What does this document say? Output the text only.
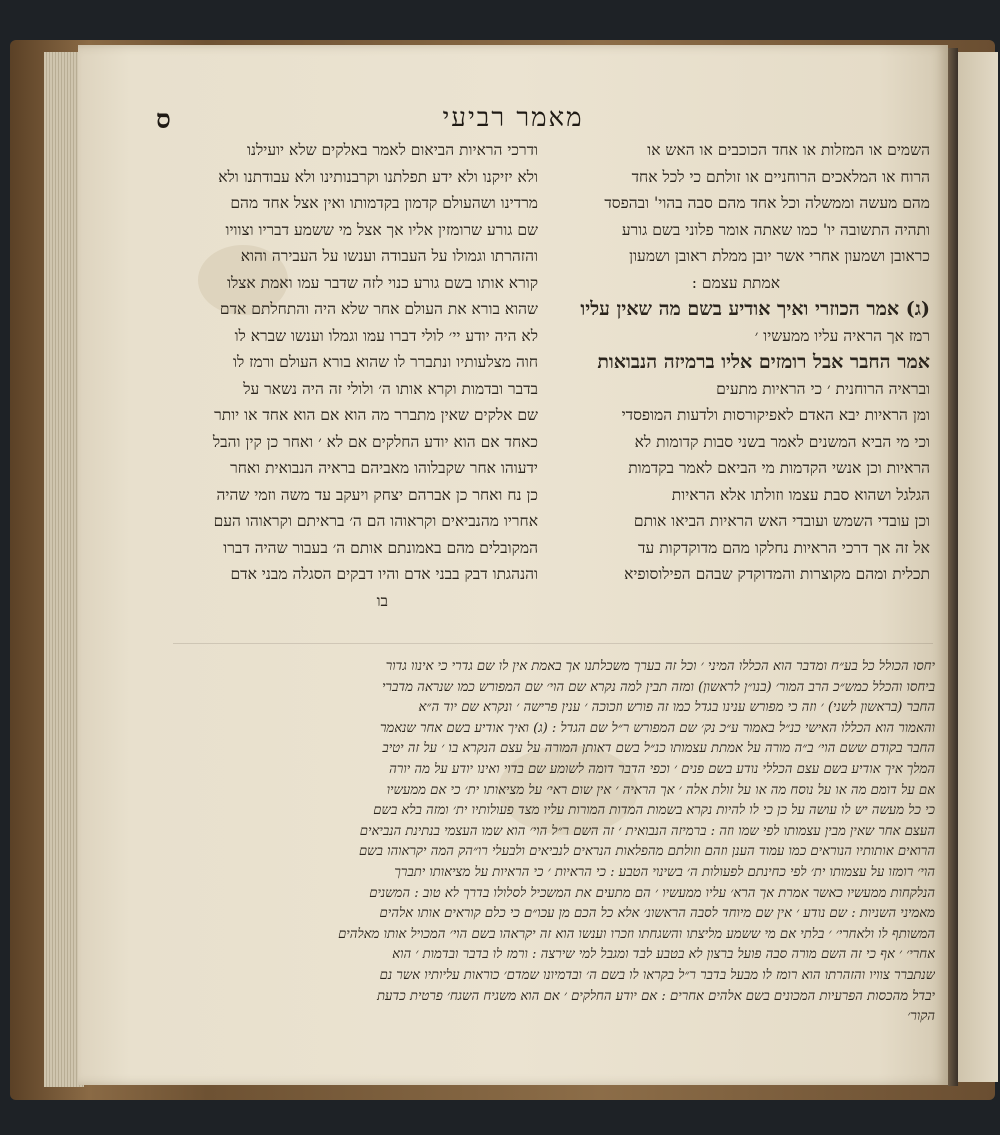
מאמר רביעי
ס
השמים או המזלות או אחד הכוכבים או האש או
הרוח או המלאכים הרוחניים או זולתם כי לכל אחד
מהם מעשה וממשלה וכל אחד מהם סבה בהוי' ובהפסד
ותהיה התשובה יו' כמו שאתה אומר פלוני בשם גורע
כראובן ושמעון אחרי אשר יובן ממלת ראובן ושמעון
אמתת עצמם :
(ג) אמר הכוזרי ואיך אודיע בשם מה שאין עליו
רמז אך הראיה עליו ממעשיו ׳
אמר החבר אבל רומזים אליו ברמיזה הנבואות
ובראיה הרוחנית ׳ כי הראיות מתעים
ומן הראיות יבא האדם לאפיקורסות ולדעות המופסדי
וכי מי הביא המשנים לאמר בשני סבות קדומות לא
הראיות וכן אנשי הקדמות מי הביאם לאמר בקדמות
הגלגל ושהוא סבת עצמו וזולתו אלא הראיות
וכן עובדי השמש ועובדי האש הראיות הביאו אותם
אל זה אך דרכי הראיות נחלקו מהם מדוקדקות עד
תכלית ומהם מקוצרות והמדוקדק שבהם הפילוסופיא
ודרכי הראיות הביאום לאמר באלקים שלא יועילנו
ולא יזיקנו ולא ידע תפלתנו וקרבנותינו ולא עבודתנו ולא
מרדינו ושהעולם קדמון בקדמותו ואין אצל אחד מהם
שם גורע שרומזין אליו אך אצל מי ששמע דבריו וצוויו
והזהרתו וגמולו על העבודה וענשו על העבירה והוא
קורא אותו בשם גורע כנוי לזה שדבר עמו ואמת אצלו
שהוא בורא את העולם אחר שלא היה והתחלתם אדם
לא היה יודע יי׳ לולי דברו עמו וגמלו וענשו שברא לו
חוה מצלעותיו ונתברר לו שהוא בורא העולם ורמז לו
בדבר ובדמות וקרא אותו ה׳ ולולי זה היה נשאר על
שם אלקים שאין מתברר מה הוא אם הוא אחד או יותר
כאחד אם הוא יודע החלקים אם לא ׳ ואחר כן קין והבל
ידעוהו אחר שקבלוהו מאביהם בראיה הנבואית ואחר
כן נח ואחר כן אברהם יצחק ויעקב עד משה וזמי שהיה
אחריו מהנביאים וקראוהו הם ה׳ בראיתם וקראוהו העם
המקובלים מהם באמונתם אותם ה׳ בעבור שהיה דברו
והנהגתו דבק בבני אדם והיו דבקים הסגלה מבני אדם
בו
יחסו הכולל כל בע״ח ומדבר הוא הכללו המיני ׳ וכל זה בערך משכלתנו אך באמת אין לו שם גדרי כי אינוו גדור
ביחסו והכלל כמש״כ הרב המור׳ (בנו״ן לראשון) ומזה תבין למה נקרא שם הוי׳ שם המפורש כמו שנראה מדברי
החבר (בראשון לשני) ׳ וזה כי מפורש ענינו בגדל כמו זה פורש וזכוכה ׳ ענין פרישה ׳ ונקרא שם יוד ה״א
והאמור הוא הכללו האישי כנ״ל באמור ע״כ נק׳ שם המפורש ר״ל שם הגדל : (ג) ואיך אודיע בשם אחר שנאמר
החבר בקודם ששם הוי׳ ב״ה מורה על אמתת עצמותו כנ״ל בשם דאותן המורה על עצם הנקרא בו ׳ על זה יטיב
המלך איך אודיע בשם עצם הכללי נודע בשם פנים ׳ וכפי הדבר דומה לשומע שם בדוי ואינו יודע על מה יורה
אם על דומם מה או על נוסח מה או על זולת אלה ׳ אך הראיה ׳ אין שום ראי׳ על מציאותו ית׳ כי אם ממעשיו
כי כל מעשה יש לו עושה על כן כי לו להיות נקרא בשמות המדות המורות עליו מצד פעולותיו ית׳ ומזה בלא בשם
העצם אחר שאין מבין עצמותו לפי שמו וזה : ברמיזה הנבואית ׳ זה השם ר״ל הוי׳ הוא שמו העצמי בנתינת הנביאים
הרואים אותותיו הנוראים כמו עמוד הענן וזהם וזולתם מהפלאות הנראים לנביאים ולבעלי רו״הק המה יקראוהו בשם
הוי׳ רומזו על עצמותו ית׳ לפי כחינתם לפעולות ה׳ בשינוי הטבע : כי הראיות ׳ כי הראיות על מציאותו יתברך
הנלקחות ממעשיו כאשר אמרת אך הרא׳ עליו ממעשיו ׳ הם מתעים את המשכיל לסלולו בדרך לא טוב : המשנים
מאמיני השניות : שם נודע ׳ אין שם מיוחד לסבה הראשונ׳ אלא כל הכם מן עכו״ם כי כלם קוראים אותו אלהים
המשותף לו ולאחרי׳ ׳ בלתי אם מי ששמע מליצתו והשגחתו וזכרו וענשו הוא זה יקראהו בשם הוי׳ המכויל אותו מאלהים
אחרי׳ ׳ אף כי זה השם מורה סבה פועל ברצון לא בטבע לבד ומגבל למי שירצה : ורמז לו בדבר ובדמות ׳ הוא
שנתברר צוויו והזהרתו הוא רומז לו מבעל בדבר ר״ל בקראו לו בשם ה׳ ובדמיונו שמדם׳ כוראות עליותיו אשר נם
יבדל מהכסות הפרעיות המכונים בשם אלהים אחרים : אם יודע החלקים ׳ אם הוא משגיח השגח׳ פרטית כדעת
הקור׳
